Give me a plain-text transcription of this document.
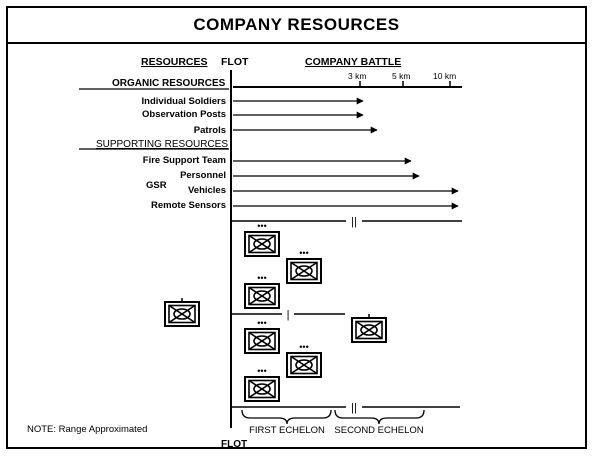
COMPANY RESOURCES
RESOURCES FLOT	COMPANY BATTLE
3 km	5 km	10 km
ORGANIC RESOURCES
Individual Soldiers
Observation Posts
Patrols
SUPPORTING RESOURCES
Fire Support Team
GSR
Personnel
Vehicles
Remote Sensors
||
|
||
•••
•••
•••
•••
•••
•••
FIRST ECHELON SECOND ECHELON
NOTE: Range Approximated
FLOT
